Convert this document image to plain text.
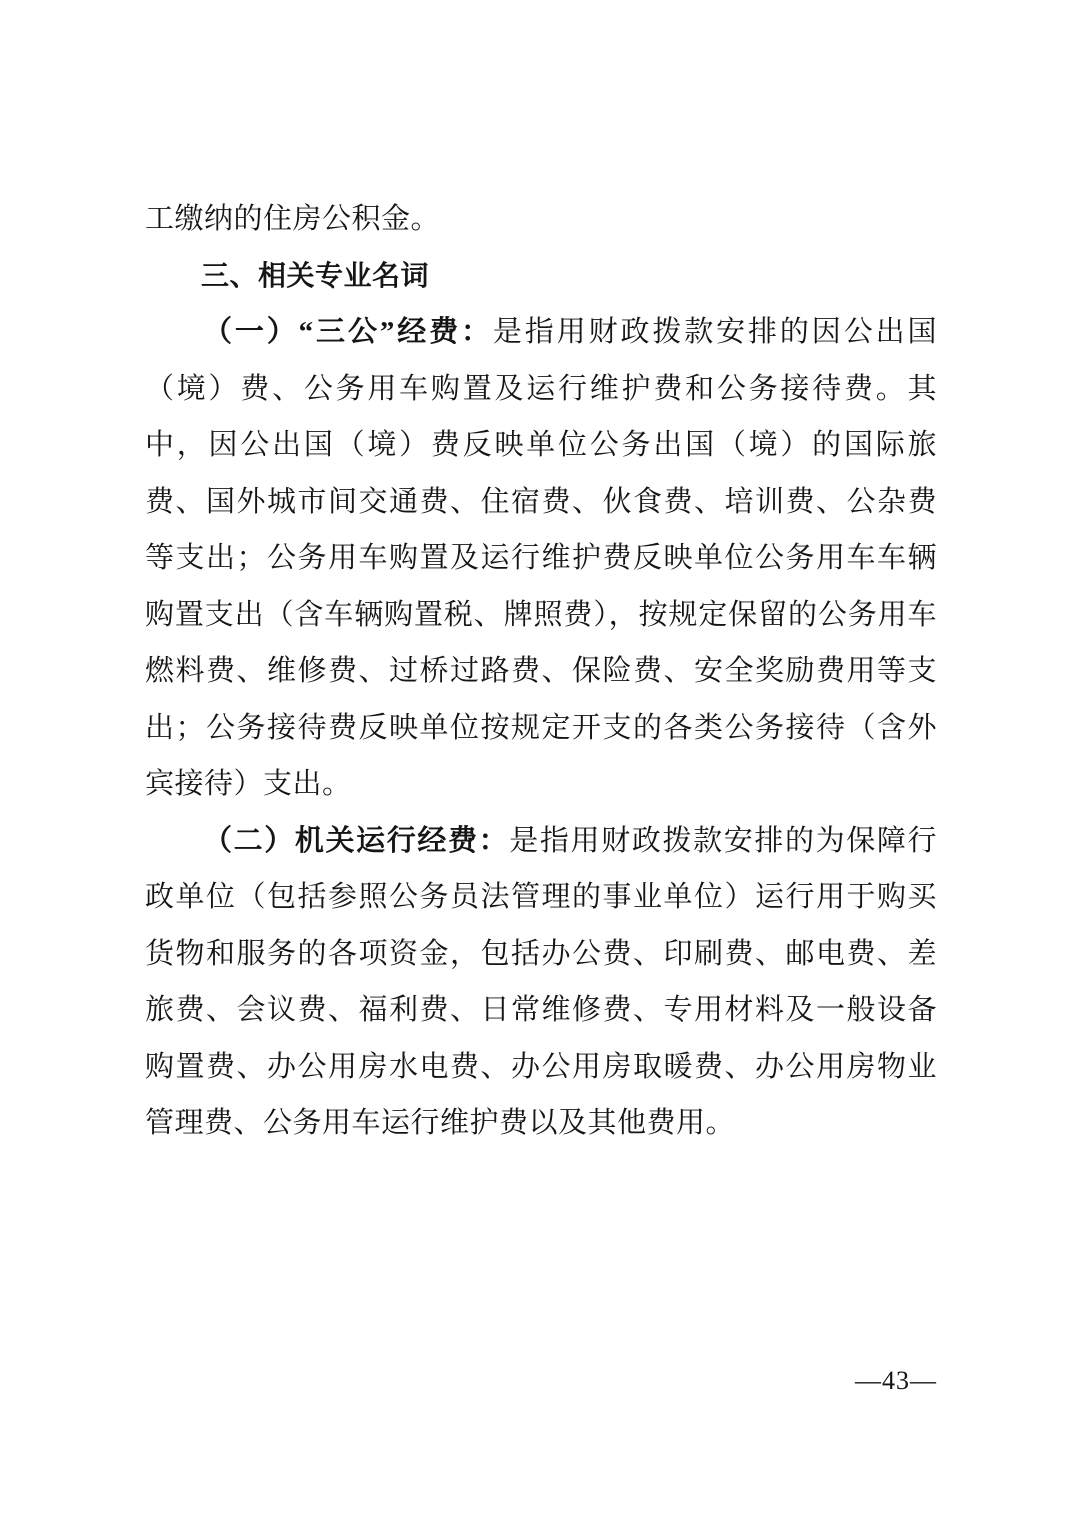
工缴纳的住房公积金。

三、相关专业名词

（一）“三公”经费：是指用财政拨款安排的因公出国（境）费、公务用车购置及运行维护费和公务接待费。其中，因公出国（境）费反映单位公务出国（境）的国际旅费、国外城市间交通费、住宿费、伙食费、培训费、公杂费等支出；公务用车购置及运行维护费反映单位公务用车车辆购置支出（含车辆购置税、牌照费），按规定保留的公务用车燃料费、维修费、过桥过路费、保险费、安全奖励费用等支出；公务接待费反映单位按规定开支的各类公务接待（含外宾接待）支出。

（二）机关运行经费：是指用财政拨款安排的为保障行政单位（包括参照公务员法管理的事业单位）运行用于购买货物和服务的各项资金，包括办公费、印刷费、邮电费、差旅费、会议费、福利费、日常维修费、专用材料及一般设备购置费、办公用房水电费、办公用房取暖费、办公用房物业管理费、公务用车运行维护费以及其他费用。

—43—
